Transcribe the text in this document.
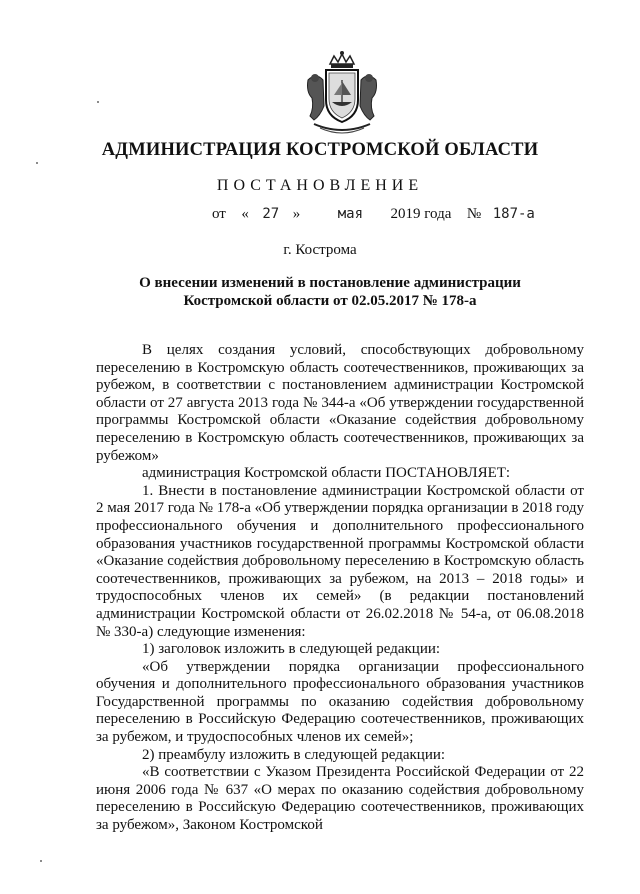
АДМИНИСТРАЦИЯ КОСТРОМСКОЙ ОБЛАСТИ
ПОСТАНОВЛЕНИЕ
от « 27 »	мая 2019 года № 187-а
г. Кострома
О внесении изменений в постановление администрации
Костромской области от 02.05.2017 № 178-а

В целях создания условий, способствующих добровольному переселению в Костромскую область соотечественников, проживающих за рубежом, в соответствии с постановлением администрации Костромской области от 27 августа 2013 года № 344-а «Об утверждении государственной программы Костромской области «Оказание содействия добровольному переселению в Костромскую область соотечественников, проживающих за рубежом»

администрация Костромской области ПОСТАНОВЛЯЕТ:

1. Внести в постановление администрации Костромской области от 2 мая 2017 года № 178-а «Об утверждении порядка организации в 2018 году профессионального обучения и дополнительного профессионального образования участников государственной программы Костромской области «Оказание содействия добровольному переселению в Костромскую область соотечественников, проживающих за рубежом, на 2013 – 2018 годы» и трудоспособных членов их семей» (в редакции постановлений администрации Костромской области от 26.02.2018 № 54-а, от 06.08.2018 № 330-а) следующие изменения:

1) заголовок изложить в следующей редакции:

«Об утверждении порядка организации профессионального обучения и дополнительного профессионального образования участников Государственной программы по оказанию содействия добровольному переселению в Российскую Федерацию соотечественников, проживающих за рубежом, и трудоспособных членов их семей»;

2) преамбулу изложить в следующей редакции:

«В соответствии с Указом Президента Российской Федерации от 22 июня 2006 года № 637 «О мерах по оказанию содействия добровольному переселению в Российскую Федерацию соотечественников, проживающих за рубежом», Законом Костромской
